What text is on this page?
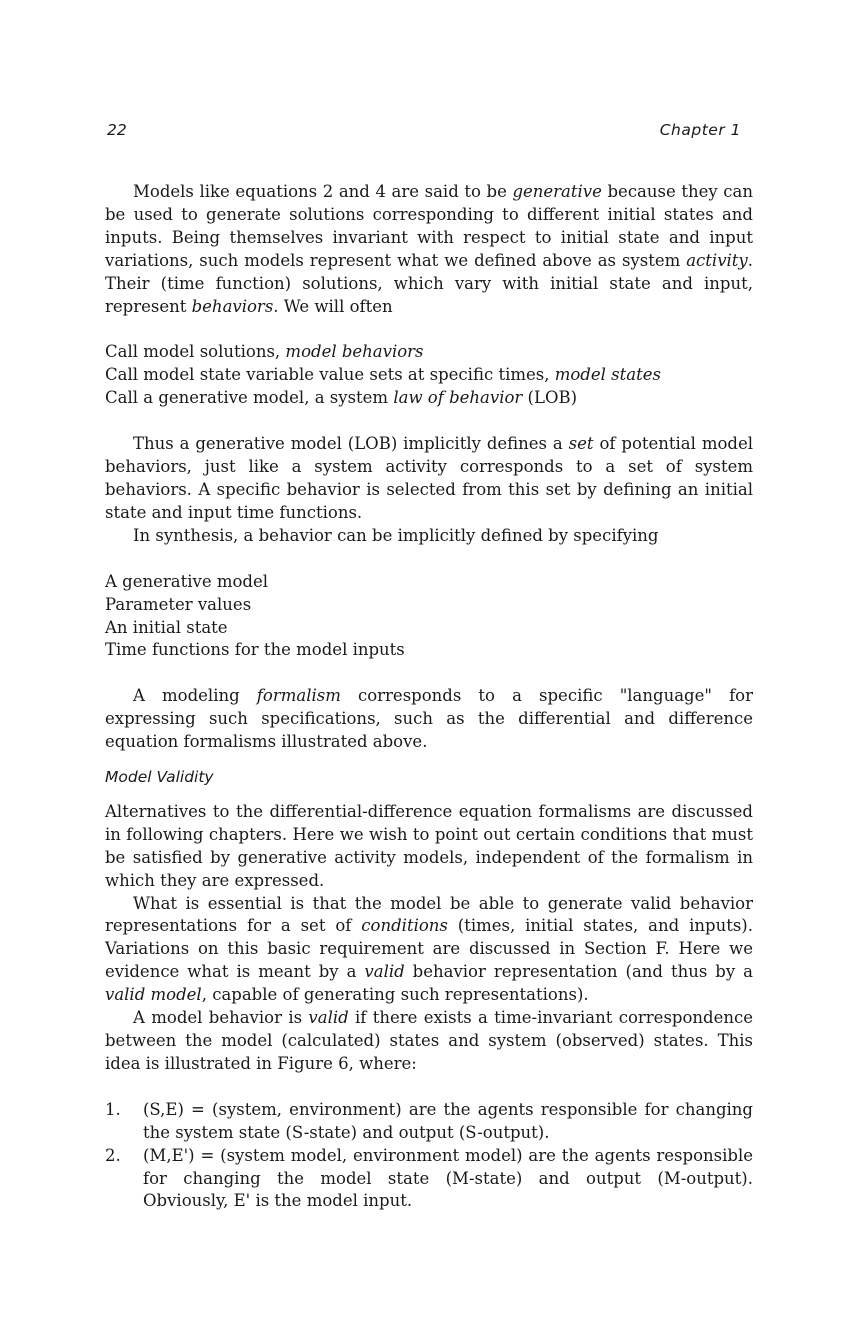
22	Chapter 1

Models like equations 2 and 4 are said to be generative because they can be used to generate solutions corresponding to different initial states and inputs. Being themselves invariant with respect to initial state and input variations, such models represent what we defined above as system activity. Their (time function) solutions, which vary with initial state and input, represent behaviors. We will often

Call model solutions, model behaviors
Call model state variable value sets at specific times, model states
Call a generative model, a system law of behavior (LOB)

Thus a generative model (LOB) implicitly defines a set of potential model behaviors, just like a system activity corresponds to a set of system behaviors. A specific behavior is selected from this set by defining an initial state and input time functions.

In synthesis, a behavior can be implicitly defined by specifying

A generative model
Parameter values
An initial state
Time functions for the model inputs

A modeling formalism corresponds to a specific "language" for expressing such specifications, such as the differential and difference equation formalisms illustrated above.

Model Validity

Alternatives to the differential-difference equation formalisms are discussed in following chapters. Here we wish to point out certain conditions that must be satisfied by generative activity models, independent of the formalism in which they are expressed.

What is essential is that the model be able to generate valid behavior representations for a set of conditions (times, initial states, and inputs). Variations on this basic requirement are discussed in Section F. Here we evidence what is meant by a valid behavior representation (and thus by a valid model, capable of generating such representations).

A model behavior is valid if there exists a time-invariant correspondence between the model (calculated) states and system (observed) states. This idea is illustrated in Figure 6, where:

1. (S,E) = (system, environment) are the agents responsible for changing the system state (S-state) and output (S-output).
2. (M,E') = (system model, environment model) are the agents responsible for changing the model state (M-state) and output (M-output). Obviously, E' is the model input.
